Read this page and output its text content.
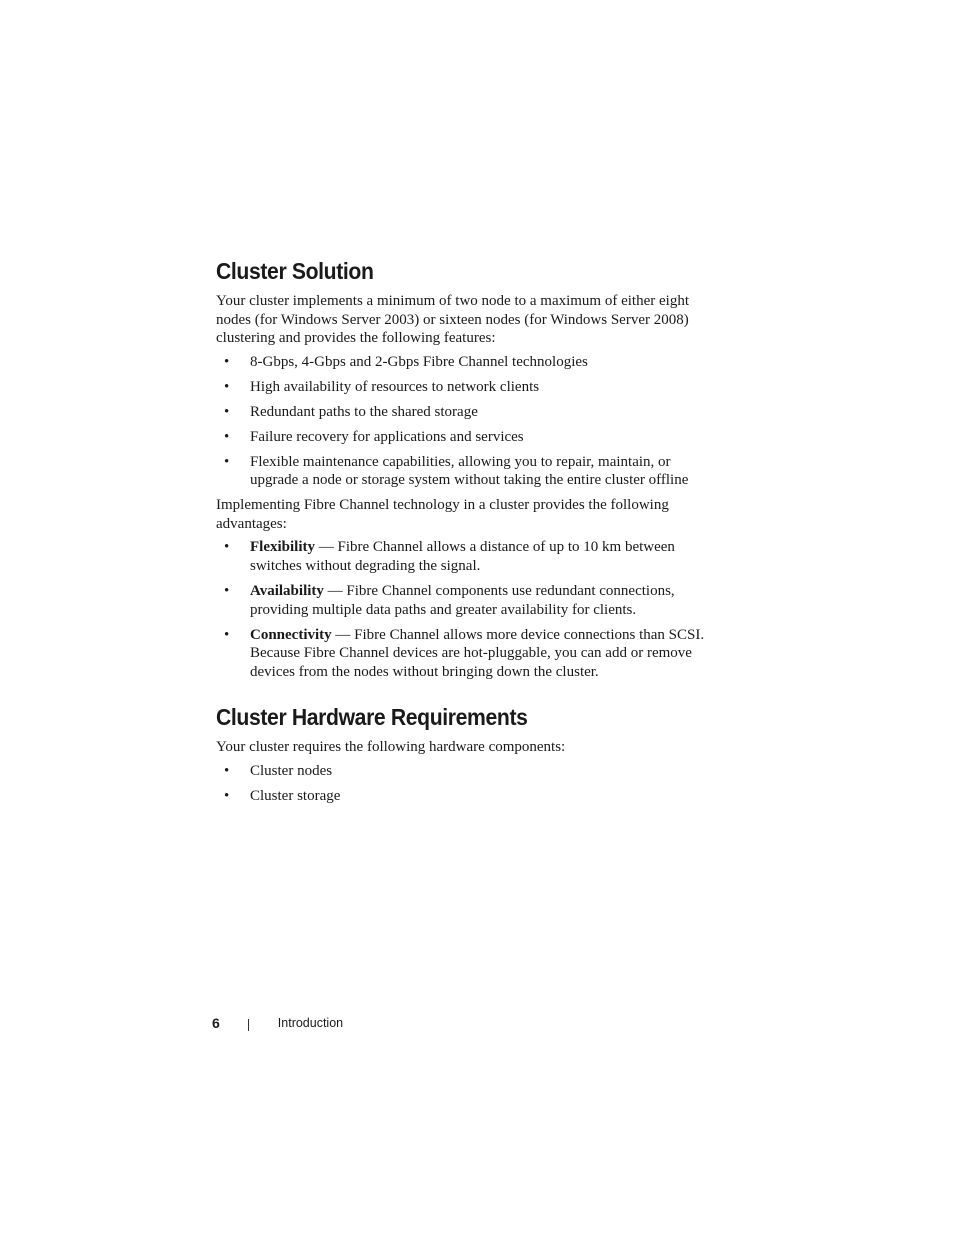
Cluster Solution

Your cluster implements a minimum of two node to a maximum of either eight nodes (for Windows Server 2003) or sixteen nodes (for Windows Server 2008) clustering and provides the following features:

• 8-Gbps, 4-Gbps and 2-Gbps Fibre Channel technologies
• High availability of resources to network clients
• Redundant paths to the shared storage
• Failure recovery for applications and services
• Flexible maintenance capabilities, allowing you to repair, maintain, or upgrade a node or storage system without taking the entire cluster offline

Implementing Fibre Channel technology in a cluster provides the following advantages:

• Flexibility — Fibre Channel allows a distance of up to 10 km between switches without degrading the signal.
• Availability — Fibre Channel components use redundant connections, providing multiple data paths and greater availability for clients.
• Connectivity — Fibre Channel allows more device connections than SCSI. Because Fibre Channel devices are hot-pluggable, you can add or remove devices from the nodes without bringing down the cluster.
Cluster Hardware Requirements

Your cluster requires the following hardware components:

• Cluster nodes
• Cluster storage
6	Introduction
